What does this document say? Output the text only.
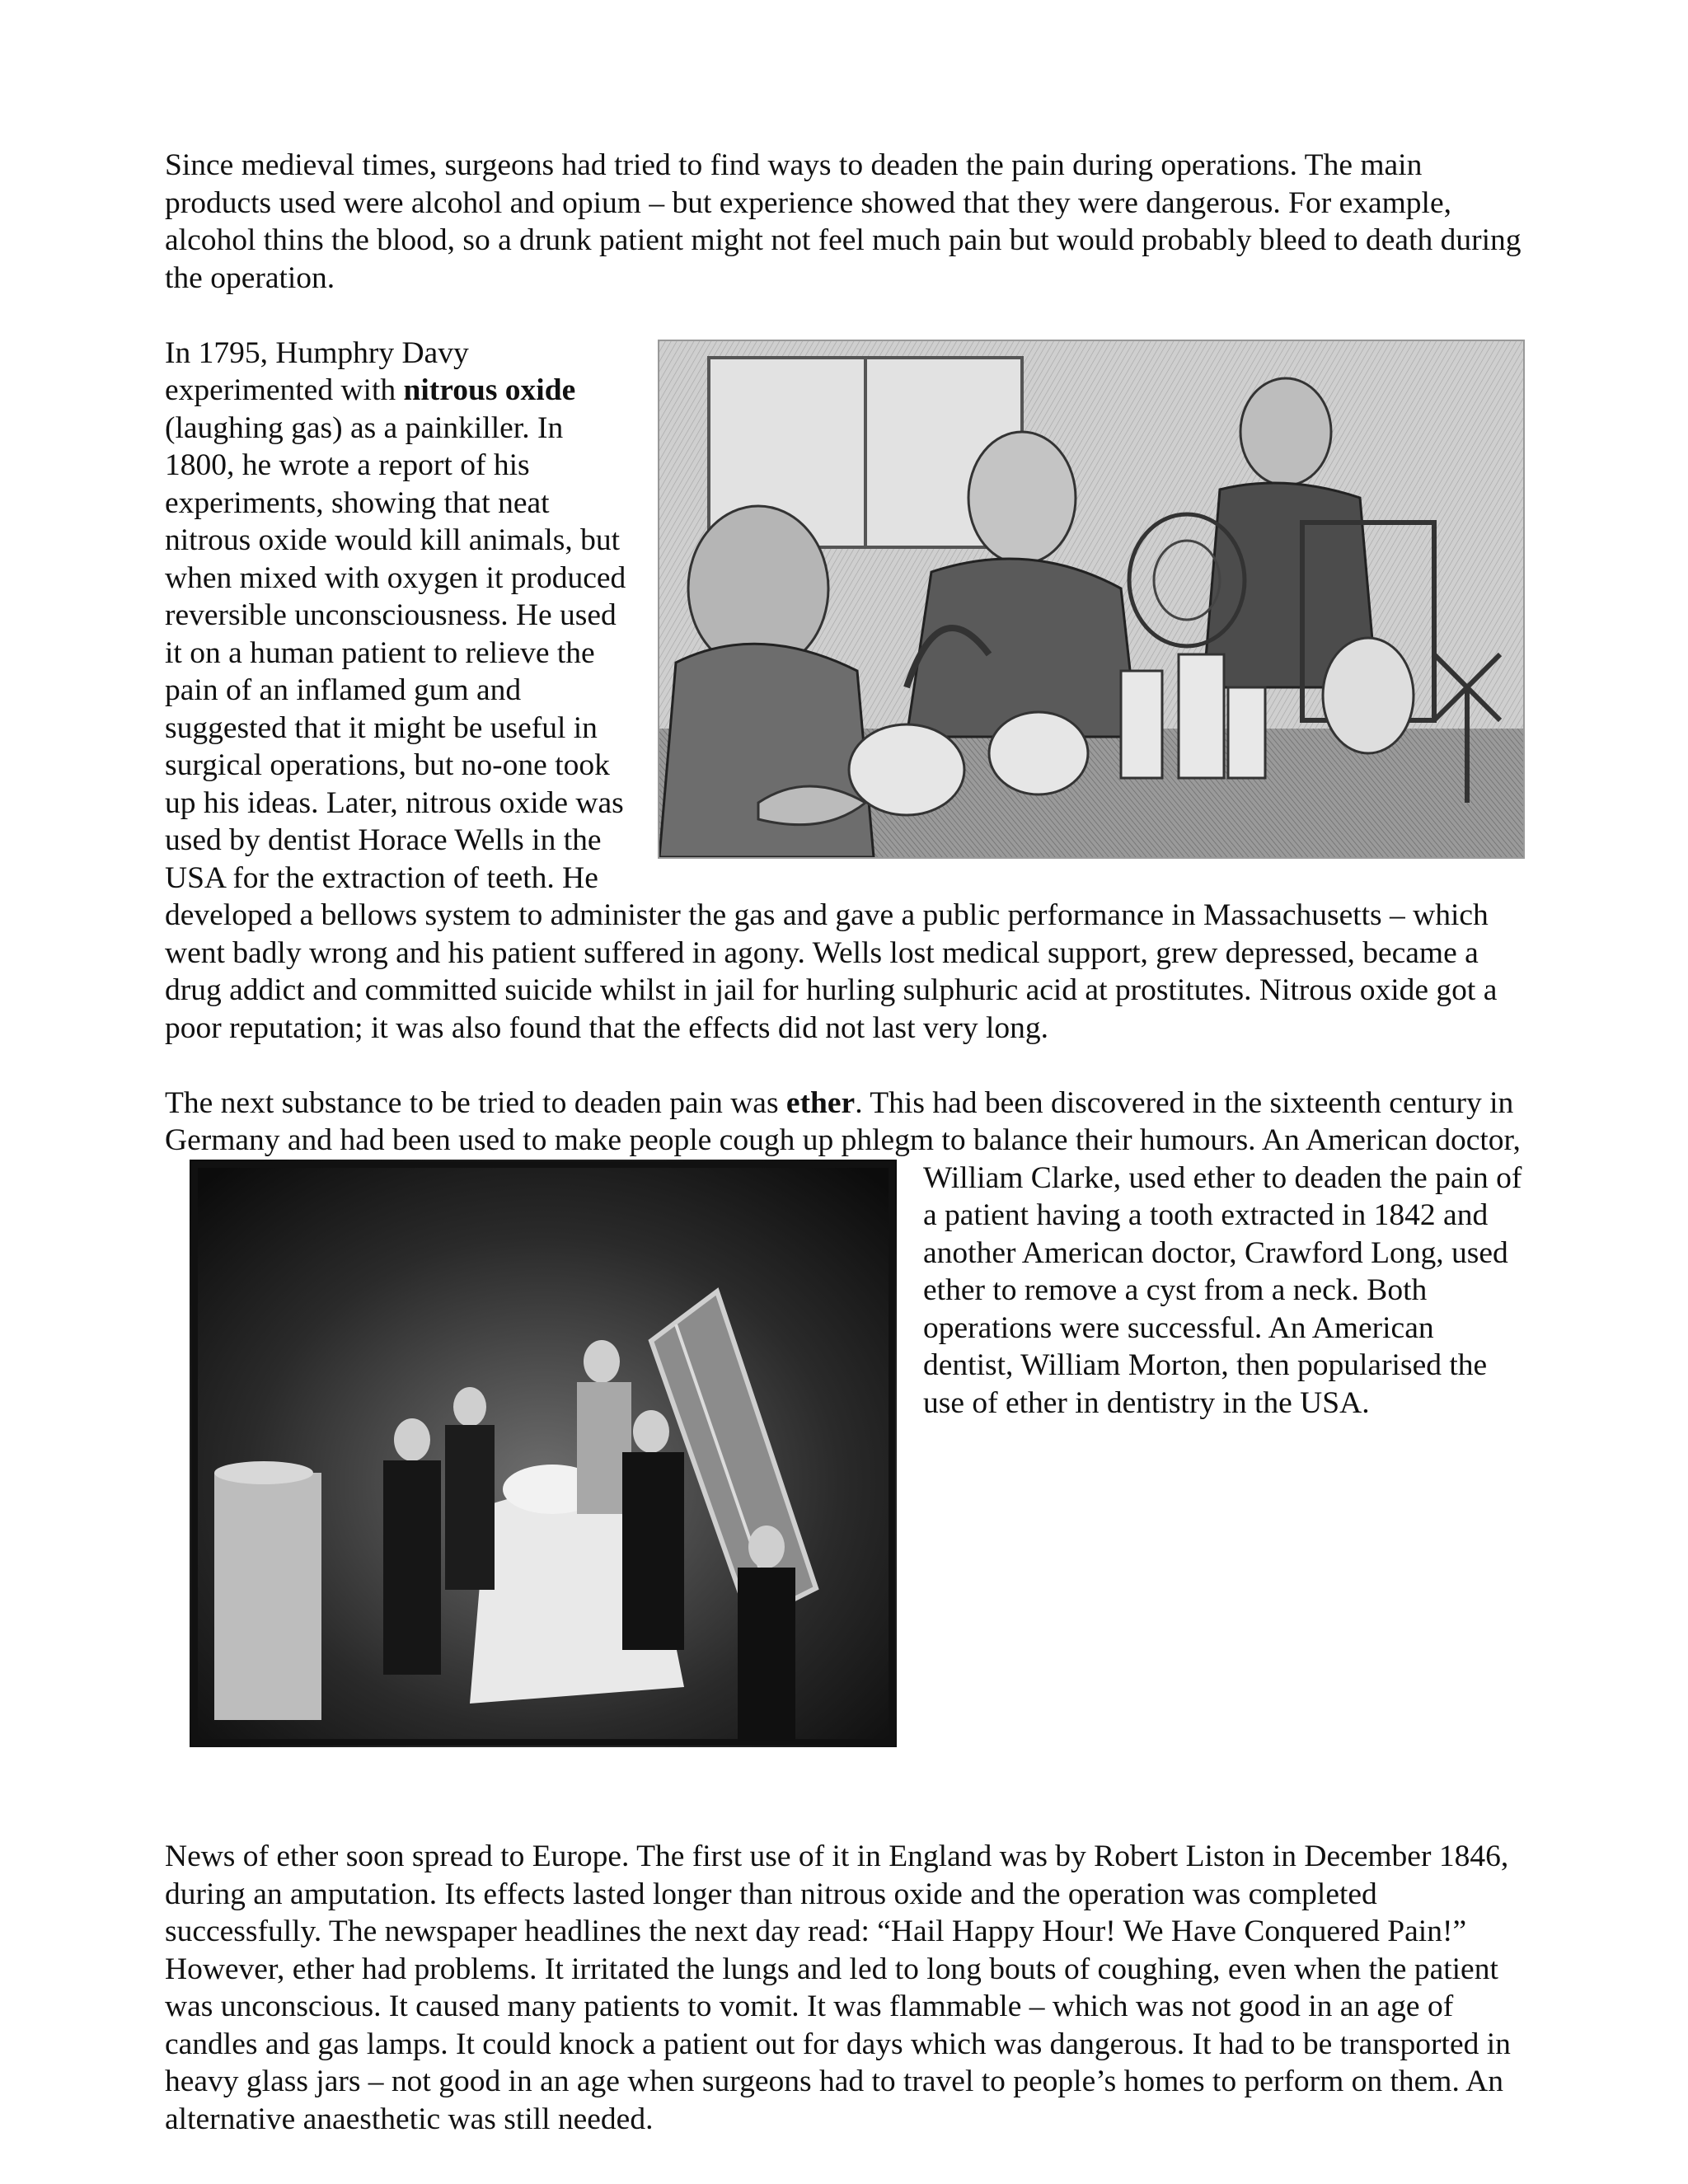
Since medieval times, surgeons had tried to find ways to deaden the pain during operations. The main products used were alcohol and opium – but experience showed that they were dangerous. For example, alcohol thins the blood, so a drunk patient might not feel much pain but would probably bleed to death during the operation.

In 1795, Humphry Davy experimented with nitrous oxide (laughing gas) as a painkiller. In 1800, he wrote a report of his experiments, showing that neat nitrous oxide would kill animals, but when mixed with oxygen it produced reversible unconsciousness. He used it on a human patient to relieve the pain of an inflamed gum and suggested that it might be useful in surgical operations, but no-one took up his ideas. Later, nitrous oxide was used by dentist Horace Wells in the USA for the extraction of teeth. He developed a bellows system to administer the gas and gave a public performance in Massachusetts – which went badly wrong and his patient suffered in agony. Wells lost medical support, grew depressed, became a drug addict and committed suicide whilst in jail for hurling sulphuric acid at prostitutes. Nitrous oxide got a poor reputation; it was also found that the effects did not last very long.
The next substance to be tried to deaden pain was ether. This had been discovered in the sixteenth century in Germany and had been used to make people cough up phlegm to balance their humours. An American doctor, William Clarke, used ether to deaden the pain of a patient having a tooth extracted in 1842 and another American doctor, Crawford Long, used ether to remove a cyst from a neck. Both operations were successful. An American dentist, William Morton, then popularised the use of ether in dentistry in the USA.

News of ether soon spread to Europe. The first use of it in England was by Robert Liston in December 1846, during an amputation. Its effects lasted longer than nitrous oxide and the operation was completed successfully. The newspaper headlines the next day read: “Hail Happy Hour! We Have Conquered Pain!” However, ether had problems. It irritated the lungs and led to long bouts of coughing, even when the patient was unconscious. It caused many patients to vomit. It was flammable – which was not good in an age of candles and gas lamps. It could knock a patient out for days which was dangerous. It had to be transported in heavy glass jars – not good in an age when surgeons had to travel to people’s homes to perform on them. An alternative anaesthetic was still needed.
